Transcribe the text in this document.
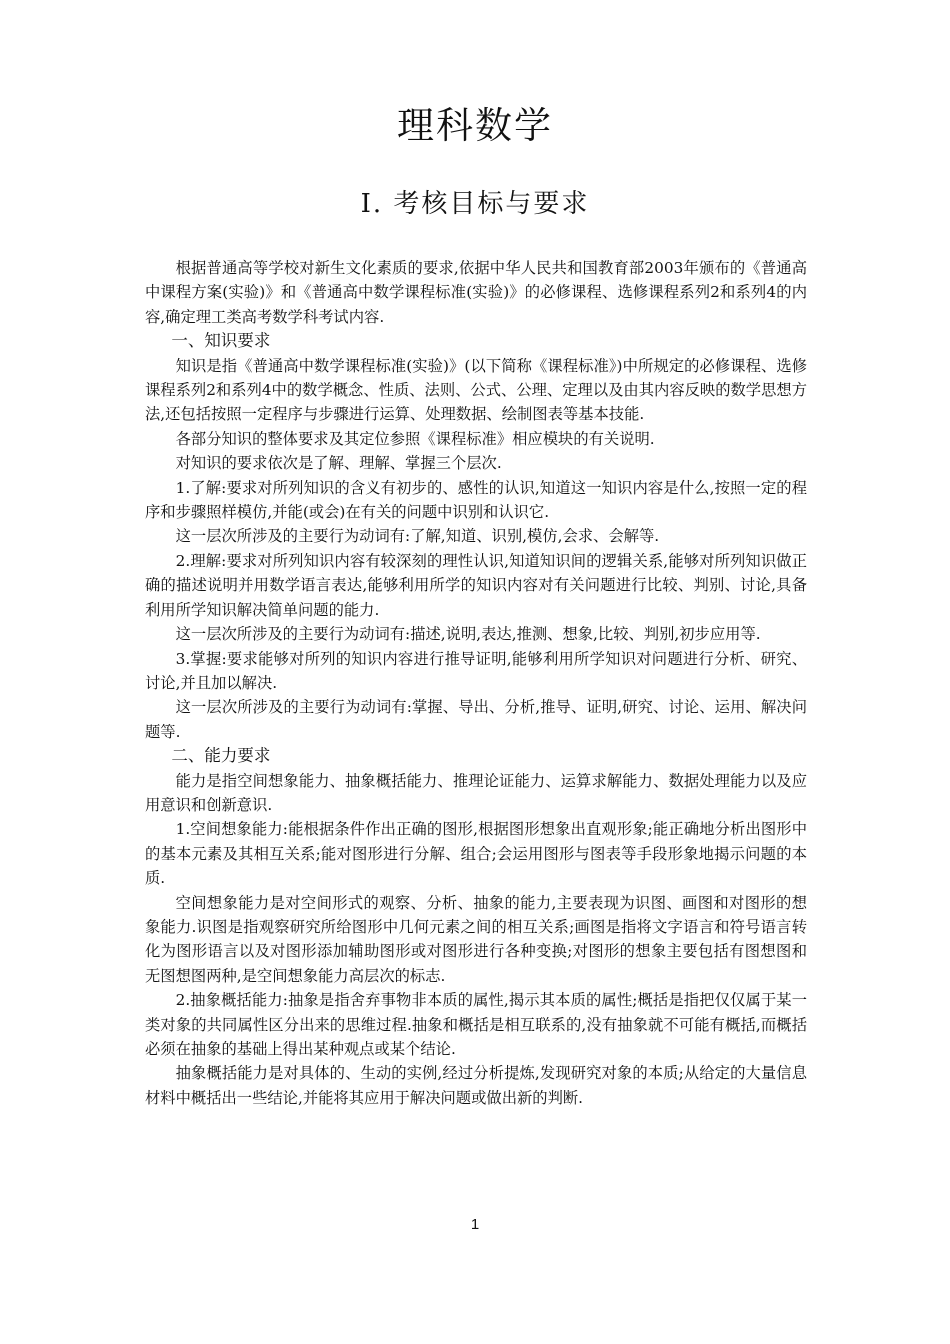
理科数学
Ⅰ. 考核目标与要求

根据普通高等学校对新生文化素质的要求,依据中华人民共和国教育部2003年颁布的《普通高中课程方案(实验)》和《普通高中数学课程标准(实验)》的必修课程、选修课程系列2和系列4的内容,确定理工类高考数学科考试内容.

一、知识要求

知识是指《普通高中数学课程标准(实验)》(以下简称《课程标准》)中所规定的必修课程、选修课程系列2和系列4中的数学概念、性质、法则、公式、公理、定理以及由其内容反映的数学思想方法,还包括按照一定程序与步骤进行运算、处理数据、绘制图表等基本技能.

各部分知识的整体要求及其定位参照《课程标准》相应模块的有关说明.

对知识的要求依次是了解、理解、掌握三个层次.

1.了解:要求对所列知识的含义有初步的、感性的认识,知道这一知识内容是什么,按照一定的程序和步骤照样模仿,并能(或会)在有关的问题中识别和认识它.

这一层次所涉及的主要行为动词有:了解,知道、识别,模仿,会求、会解等.

2.理解:要求对所列知识内容有较深刻的理性认识,知道知识间的逻辑关系,能够对所列知识做正确的描述说明并用数学语言表达,能够利用所学的知识内容对有关问题进行比较、判别、讨论,具备利用所学知识解决简单问题的能力.

这一层次所涉及的主要行为动词有:描述,说明,表达,推测、想象,比较、判别,初步应用等.

3.掌握:要求能够对所列的知识内容进行推导证明,能够利用所学知识对问题进行分析、研究、讨论,并且加以解决.

这一层次所涉及的主要行为动词有:掌握、导出、分析,推导、证明,研究、讨论、运用、解决问题等.

二、能力要求

能力是指空间想象能力、抽象概括能力、推理论证能力、运算求解能力、数据处理能力以及应用意识和创新意识.

1.空间想象能力:能根据条件作出正确的图形,根据图形想象出直观形象;能正确地分析出图形中的基本元素及其相互关系;能对图形进行分解、组合;会运用图形与图表等手段形象地揭示问题的本质.

空间想象能力是对空间形式的观察、分析、抽象的能力,主要表现为识图、画图和对图形的想象能力.识图是指观察研究所给图形中几何元素之间的相互关系;画图是指将文字语言和符号语言转化为图形语言以及对图形添加辅助图形或对图形进行各种变换;对图形的想象主要包括有图想图和无图想图两种,是空间想象能力高层次的标志.

2.抽象概括能力:抽象是指舍弃事物非本质的属性,揭示其本质的属性;概括是指把仅仅属于某一类对象的共同属性区分出来的思维过程.抽象和概括是相互联系的,没有抽象就不可能有概括,而概括必须在抽象的基础上得出某种观点或某个结论.

抽象概括能力是对具体的、生动的实例,经过分析提炼,发现研究对象的本质;从给定的大量信息材料中概括出一些结论,并能将其应用于解决问题或做出新的判断.

1
